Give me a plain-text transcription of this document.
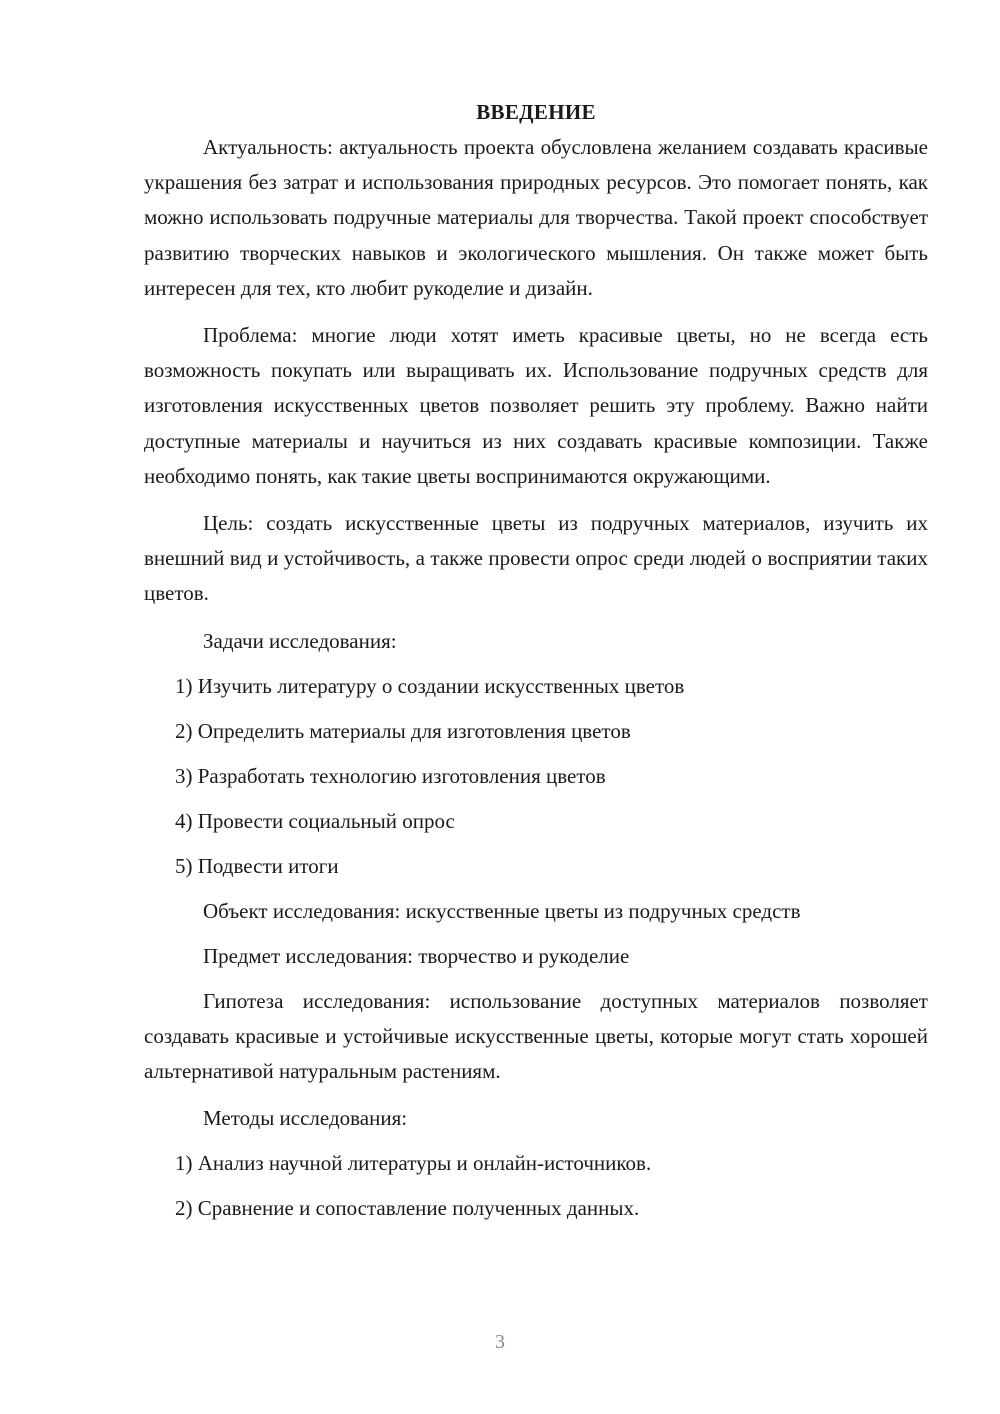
ВВЕДЕНИЕ

Актуальность: актуальность проекта обусловлена желанием создавать красивые украшения без затрат и использования природных ресурсов. Это помогает понять, как можно использовать подручные материалы для творчества. Такой проект способствует развитию творческих навыков и экологического мышления. Он также может быть интересен для тех, кто любит рукоделие и дизайн.

Проблема: многие люди хотят иметь красивые цветы, но не всегда есть возможность покупать или выращивать их. Использование подручных средств для изготовления искусственных цветов позволяет решить эту проблему. Важно найти доступные материалы и научиться из них создавать красивые композиции. Также необходимо понять, как такие цветы воспринимаются окружающими.

Цель: создать искусственные цветы из подручных материалов, изучить их внешний вид и устойчивость, а также провести опрос среди людей о восприятии таких цветов.

Задачи исследования:
1) Изучить литературу о создании искусственных цветов
2) Определить материалы для изготовления цветов
3) Разработать технологию изготовления цветов
4) Провести социальный опрос
5) Подвести итоги
Объект исследования: искусственные цветы из подручных средств
Предмет исследования: творчество и рукоделие

Гипотеза исследования: использование доступных материалов позволяет создавать красивые и устойчивые искусственные цветы, которые могут стать хорошей альтернативой натуральным растениям.

Методы исследования:
1) Анализ научной литературы и онлайн-источников.
2) Сравнение и сопоставление полученных данных.
3
